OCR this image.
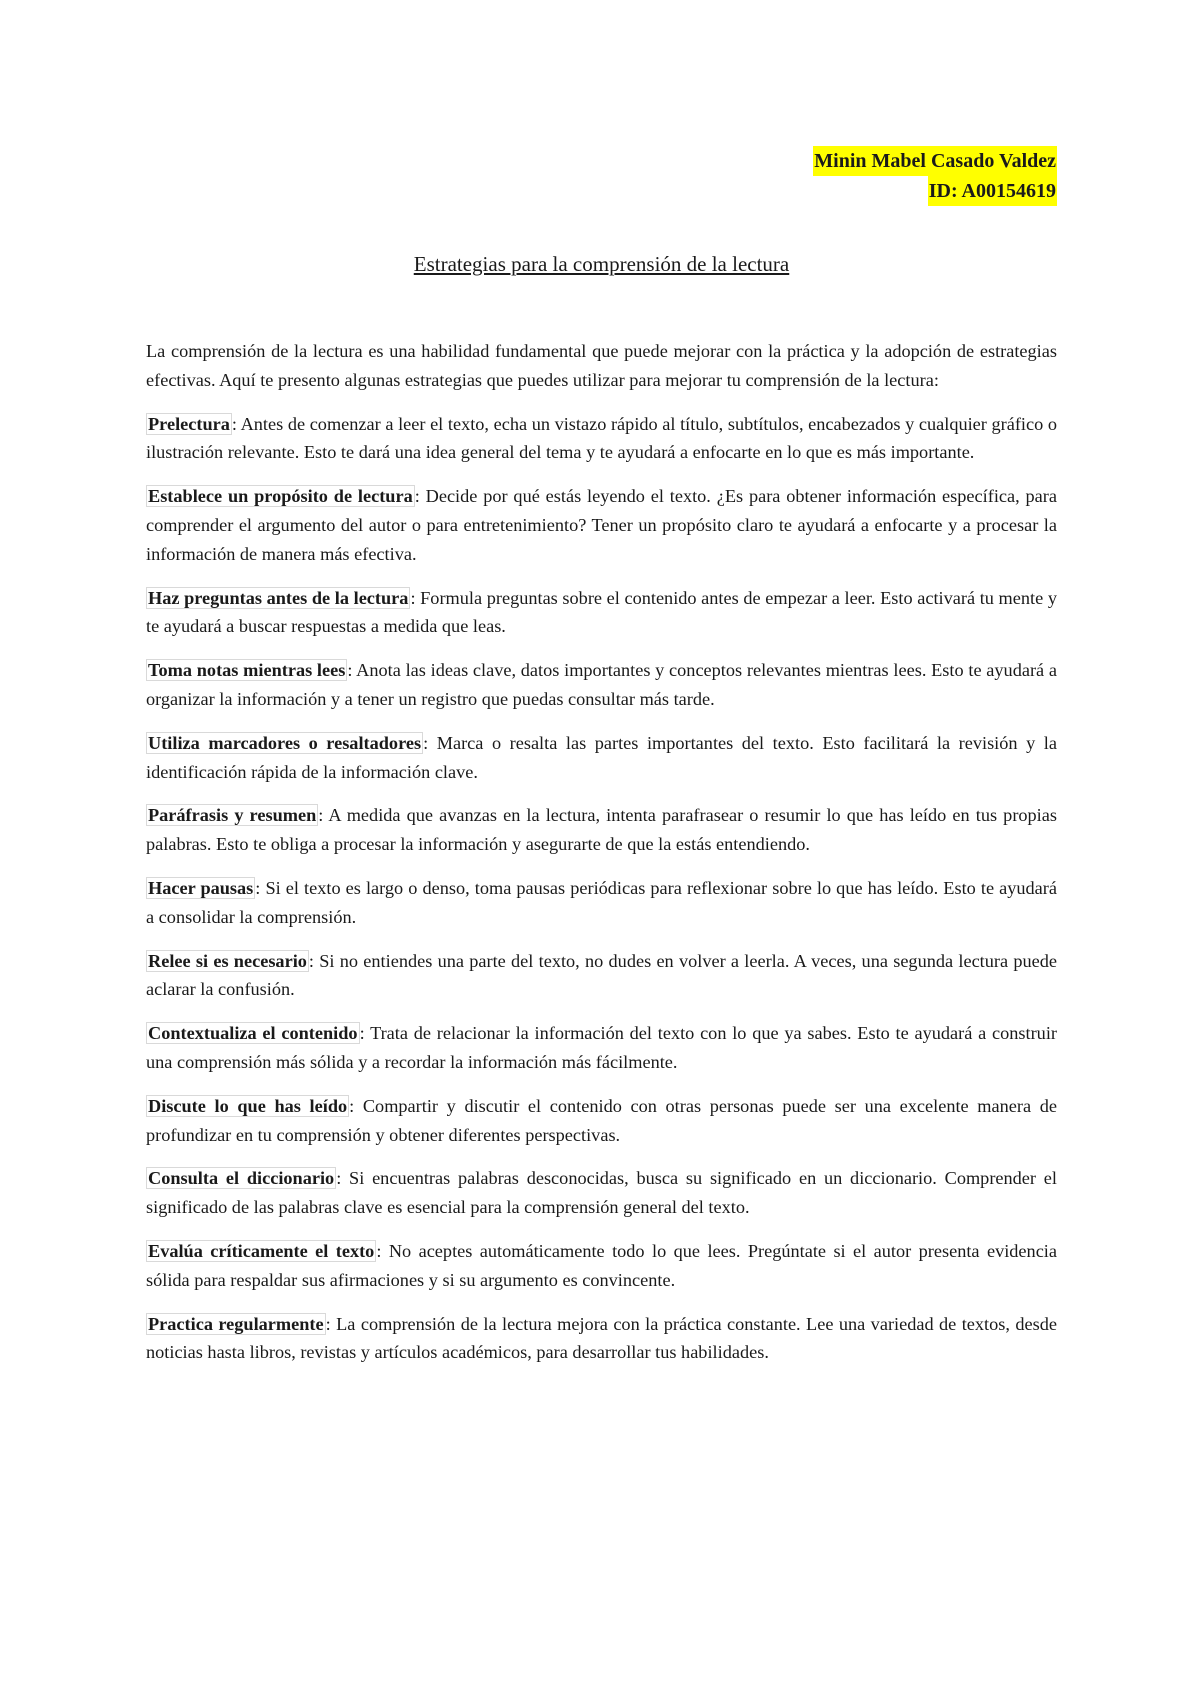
Minin Mabel Casado Valdez
ID: A00154619
Estrategias para la comprensión de la lectura

La comprensión de la lectura es una habilidad fundamental que puede mejorar con la práctica y la adopción de estrategias efectivas. Aquí te presento algunas estrategias que puedes utilizar para mejorar tu comprensión de la lectura:

Prelectura : Antes de comenzar a leer el texto, echa un vistazo rápido al título, subtítulos, encabezados y cualquier gráfico o ilustración relevante. Esto te dará una idea general del tema y te ayudará a enfocarte en lo que es más importante.

Establece un propósito de lectura : Decide por qué estás leyendo el texto. ¿Es para obtener información específica, para comprender el argumento del autor o para entretenimiento? Tener un propósito claro te ayudará a enfocarte y a procesar la información de manera más efectiva.

Haz preguntas antes de la lectura : Formula preguntas sobre el contenido antes de empezar a leer. Esto activará tu mente y te ayudará a buscar respuestas a medida que leas.

Toma notas mientras lees : Anota las ideas clave, datos importantes y conceptos relevantes mientras lees. Esto te ayudará a organizar la información y a tener un registro que puedas consultar más tarde.

Utiliza marcadores o resaltadores : Marca o resalta las partes importantes del texto. Esto facilitará la revisión y la identificación rápida de la información clave.

Paráfrasis y resumen : A medida que avanzas en la lectura, intenta parafrasear o resumir lo que has leído en tus propias palabras. Esto te obliga a procesar la información y asegurarte de que la estás entendiendo.

Hacer pausas : Si el texto es largo o denso, toma pausas periódicas para reflexionar sobre lo que has leído. Esto te ayudará a consolidar la comprensión.

Relee si es necesario : Si no entiendes una parte del texto, no dudes en volver a leerla. A veces, una segunda lectura puede aclarar la confusión.

Contextualiza el contenido : Trata de relacionar la información del texto con lo que ya sabes. Esto te ayudará a construir una comprensión más sólida y a recordar la información más fácilmente.

Discute lo que has leído : Compartir y discutir el contenido con otras personas puede ser una excelente manera de profundizar en tu comprensión y obtener diferentes perspectivas.

Consulta el diccionario : Si encuentras palabras desconocidas, busca su significado en un diccionario. Comprender el significado de las palabras clave es esencial para la comprensión general del texto.

Evalúa críticamente el texto : No aceptes automáticamente todo lo que lees. Pregúntate si el autor presenta evidencia sólida para respaldar sus afirmaciones y si su argumento es convincente.

Practica regularmente : La comprensión de la lectura mejora con la práctica constante. Lee una variedad de textos, desde noticias hasta libros, revistas y artículos académicos, para desarrollar tus habilidades.
